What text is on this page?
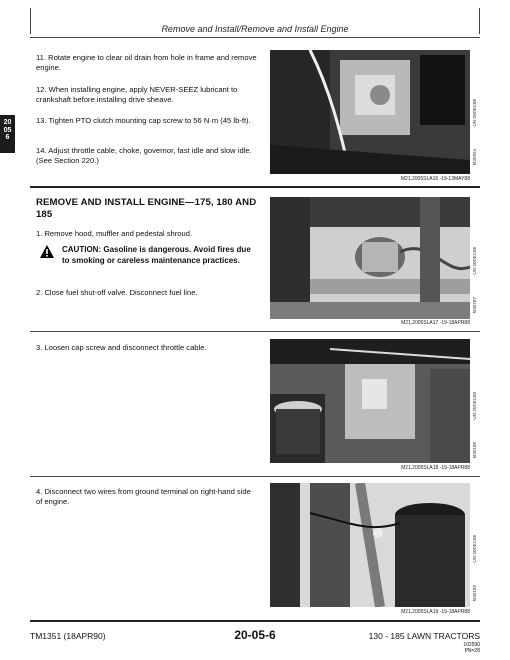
Remove and Install/Remove and Install Engine
20
05
6
11. Rotate engine to clear oil drain from hole in frame and remove engine.
12. When installing engine, apply NEVER-SEEZ lubricant to crankshaft before installing drive sheave.
13. Tighten PTO clutch mounting cap screw to 56 N·m (45 lb-ft).
14. Adjust throttle cable, choke, governor, fast idle and slow idle. (See Section 220.)
-UN-20DEC88
M35924
M21,2005SLA16 -19-13MAY88
REMOVE AND INSTALL ENGINE—175, 180 AND 185
1. Remove hood, muffler and pedestal shroud.
CAUTION: Gasoline is dangerous. Avoid fires due to smoking or careless maintenance practices.
2. Close fuel shut-off valve. Disconnect fuel line.
-UN-20DEC88
M35787
M21,2005SLA17 -19-18APR88
3. Loosen cap screw and disconnect throttle cable.
-UN-20DEC88
M35188
M21,2005SLA18 -19-18APR88
4. Disconnect two wires from ground terminal on right-hand side of engine.
-UN-20DEC88
M35189
M21,2005SLA19 -19-18APR88
TM1351 (18APR90)	20-05-6	130 - 185 LAWN TRACTORS
102590
PN=28
